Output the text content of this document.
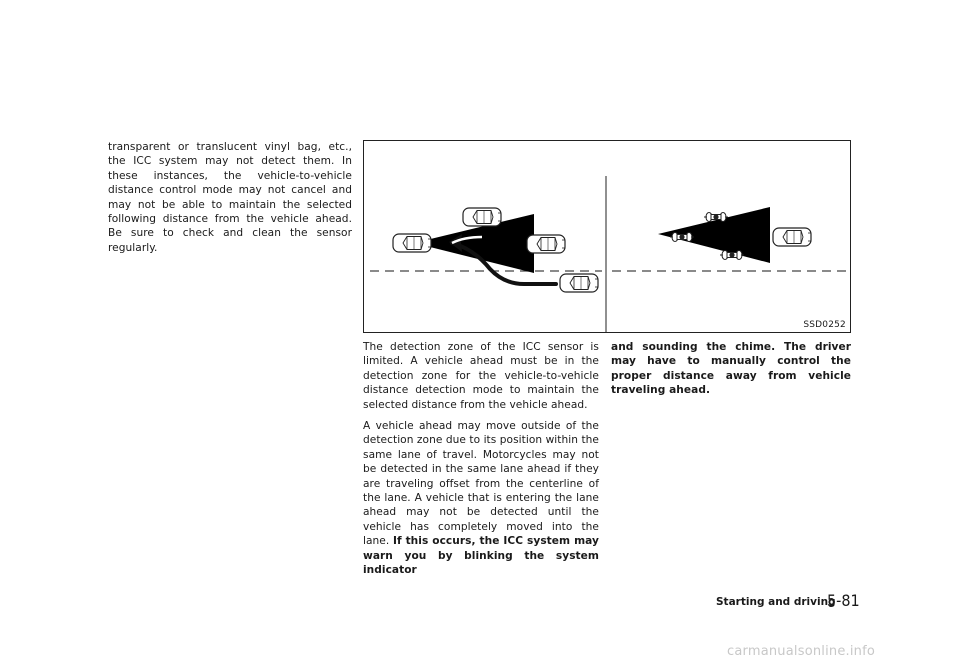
transparent or translucent vinyl bag, etc., the ICC system may not detect them. In these instances, the vehicle-to-vehicle distance control mode may not cancel and may not be able to maintain the selected following distance from the vehicle ahead. Be sure to check and clean the sensor regularly.

SSD0252

The detection zone of the ICC sensor is limited. A vehicle ahead must be in the detection zone for the vehicle-to-vehicle distance detection mode to maintain the selected distance from the vehicle ahead.

A vehicle ahead may move outside of the detection zone due to its position within the same lane of travel. Motorcycles may not be detected in the same lane ahead if they are traveling offset from the centerline of the lane. A vehicle that is entering the lane ahead may not be detected until the vehicle has completely moved into the lane. If this occurs, the ICC system may warn you by blinking the system indicator

and sounding the chime. The driver may have to manually control the proper distance away from vehicle traveling ahead.

Starting and driving
5-81
carmanualsonline.info
